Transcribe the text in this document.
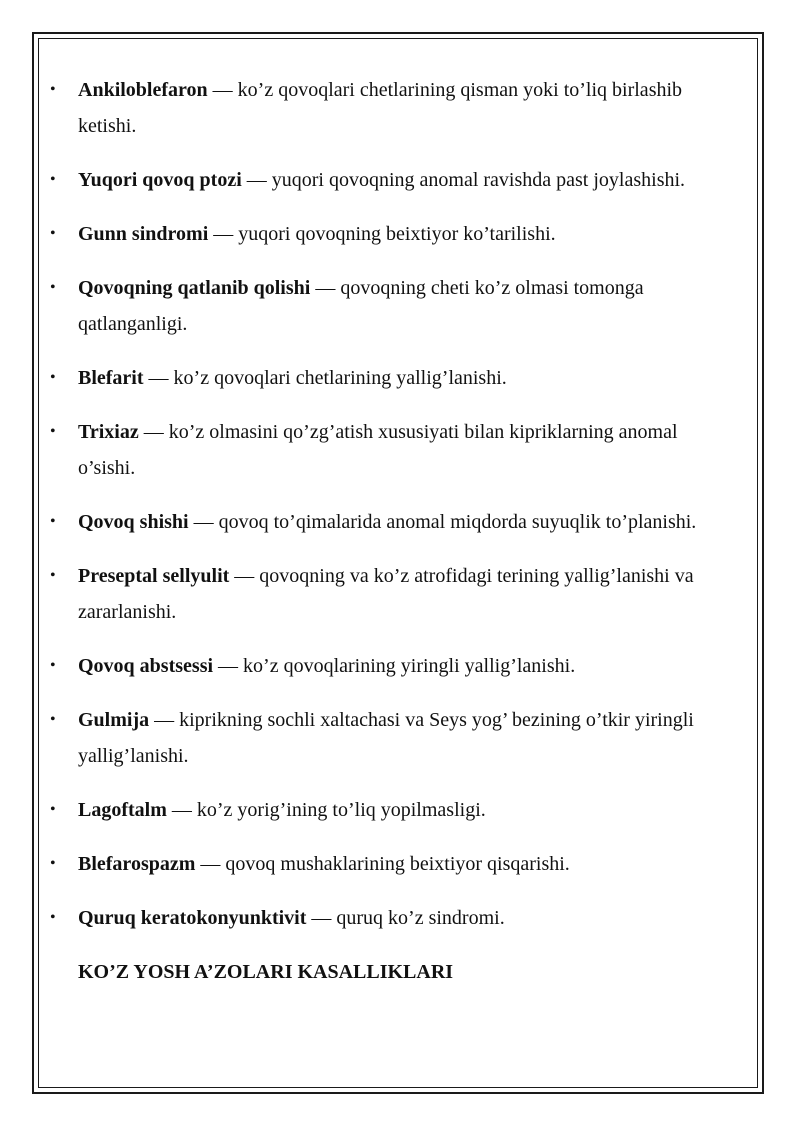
• Ankiloblefaron — ko’z qovoqlari chetlarining qisman yoki to’liq birlashib ketishi.
• Yuqori qovoq ptozi — yuqori qovoqning anomal ravishda past joylashishi.
• Gunn sindromi — yuqori qovoqning beixtiyor ko’tarilishi.
• Qovoqning qatlanib qolishi — qovoqning cheti ko’z olmasi tomonga qatlanganligi.
• Blefarit — ko’z qovoqlari chetlarining yallig’lanishi.
• Trixiaz — ko’z olmasini qo’zg’atish xususiyati bilan kipriklarning anomal o’sishi.
• Qovoq shishi — qovoq to’qimalarida anomal miqdorda suyuqlik to’planishi.
• Preseptal sellyulit — qovoqning va ko’z atrofidagi terining yallig’lanishi va zararlanishi.
• Qovoq abstsessi — ko’z qovoqlarining yiringli yallig’lanishi.
• Gulmija — kiprikning sochli xaltachasi va Seys yog’ bezining o’tkir yiringli yallig’lanishi.
• Lagoftalm — ko’z yorig’ining to’liq yopilmasligi.
• Blefarospazm — qovoq mushaklarining beixtiyor qisqarishi.
• Quruq keratokonyunktivit — quruq ko’z sindromi.

KO’Z YOSH A’ZOLARI KASALLIKLARI
